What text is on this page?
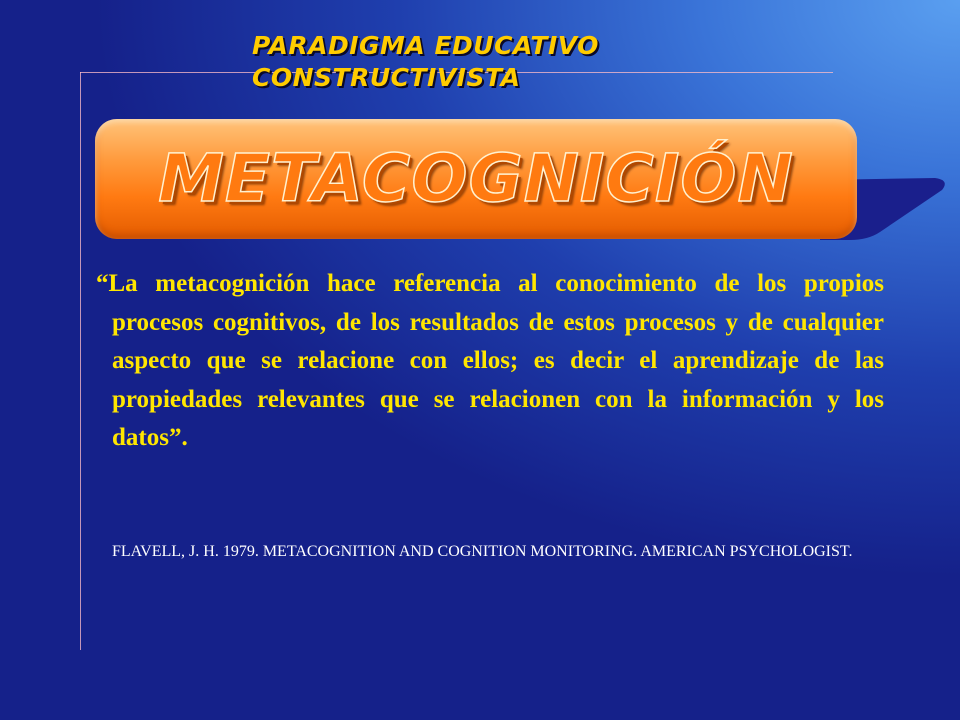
PARADIGMA EDUCATIVO
CONSTRUCTIVISTA
METACOGNICIÓN

“La metacognición hace referencia al conocimiento de los propios procesos cognitivos, de los resultados de estos procesos y de cualquier aspecto que se relacione con ellos; es decir el aprendizaje de las propiedades relevantes que se relacionen con la información y los datos”.

FLAVELL, J. H. 1979. METACOGNITION AND COGNITION MONITORING. AMERICAN PSYCHOLOGIST.
